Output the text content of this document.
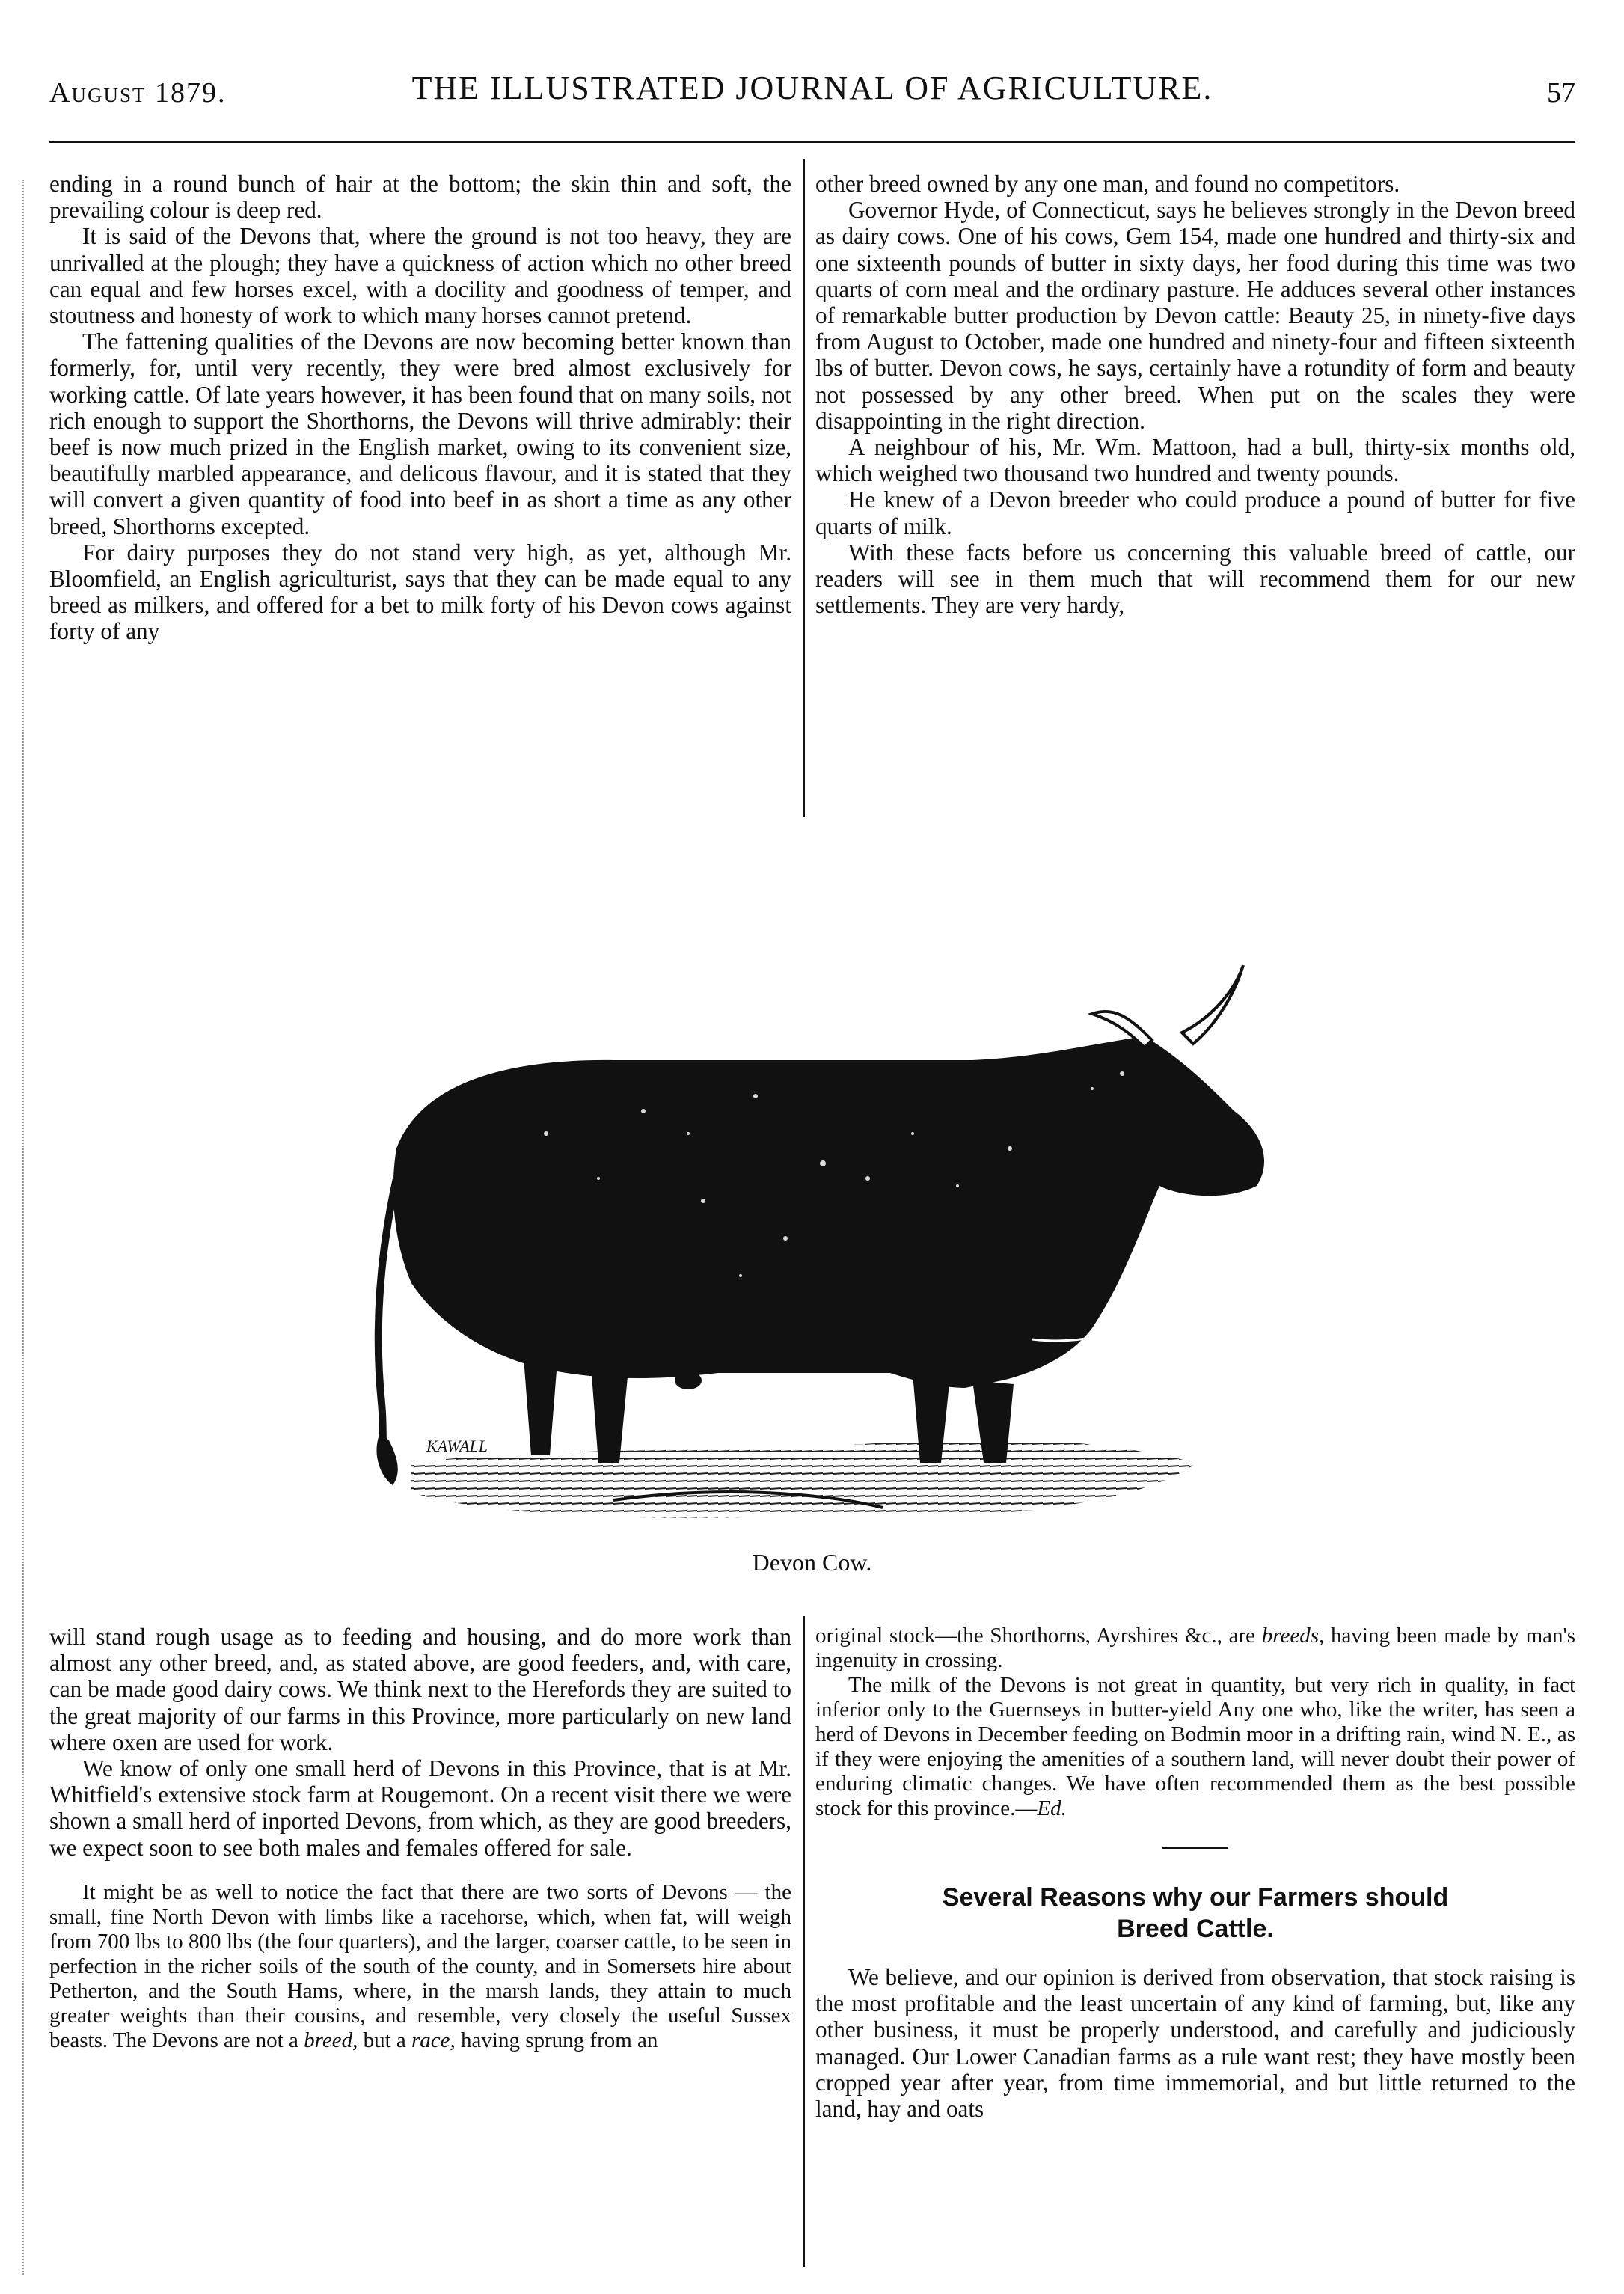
August 1879.	THE ILLUSTRATED JOURNAL OF AGRICULTURE.	57

ending in a round bunch of hair at the bottom; the skin thin and soft, the prevailing colour is deep red.

It is said of the Devons that, where the ground is not too heavy, they are unrivalled at the plough; they have a quickness of action which no other breed can equal and few horses excel, with a docility and goodness of temper, and stoutness and honesty of work to which many horses cannot pretend.

The fattening qualities of the Devons are now becoming better known than formerly, for, until very recently, they were bred almost exclusively for working cattle. Of late years however, it has been found that on many soils, not rich enough to support the Shorthorns, the Devons will thrive admirably: their beef is now much prized in the English market, owing to its convenient size, beautifully marbled appearance, and delicous flavour, and it is stated that they will convert a given quantity of food into beef in as short a time as any other breed, Shorthorns excepted.

For dairy purposes they do not stand very high, as yet, although Mr. Bloomfield, an English agriculturist, says that they can be made equal to any breed as milkers, and offered for a bet to milk forty of his Devon cows against forty of any

other breed owned by any one man, and found no competitors.

Governor Hyde, of Connecticut, says he believes strongly in the Devon breed as dairy cows. One of his cows, Gem 154, made one hundred and thirty-six and one sixteenth pounds of butter in sixty days, her food during this time was two quarts of corn meal and the ordinary pasture. He adduces several other instances of remarkable butter production by Devon cattle: Beauty 25, in ninety-five days from August to October, made one hundred and ninety-four and fifteen sixteenth lbs of butter. Devon cows, he says, certainly have a rotundity of form and beauty not possessed by any other breed. When put on the scales they were disappointing in the right direction.

A neighbour of his, Mr. Wm. Mattoon, had a bull, thirty-six months old, which weighed two thousand two hundred and twenty pounds.

He knew of a Devon breeder who could produce a pound of butter for five quarts of milk.

With these facts before us concerning this valuable breed of cattle, our readers will see in them much that will recommend them for our new settlements. They are very hardy,

KAWALL
Devon Cow.

will stand rough usage as to feeding and housing, and do more work than almost any other breed, and, as stated above, are good feeders, and, with care, can be made good dairy cows. We think next to the Herefords they are suited to the great majority of our farms in this Province, more particularly on new land where oxen are used for work.

We know of only one small herd of Devons in this Province, that is at Mr. Whitfield's extensive stock farm at Rougemont. On a recent visit there we were shown a small herd of inported Devons, from which, as they are good breeders, we expect soon to see both males and females offered for sale.

It might be as well to notice the fact that there are two sorts of Devons — the small, fine North Devon with limbs like a racehorse, which, when fat, will weigh from 700 lbs to 800 lbs (the four quarters), and the larger, coarser cattle, to be seen in perfection in the richer soils of the south of the county, and in Somersets hire about Petherton, and the South Hams, where, in the marsh lands, they attain to much greater weights than their cousins, and resemble, very closely the useful Sussex beasts. The Devons are not a breed, but a race, having sprung from an

original stock—the Shorthorns, Ayrshires &c., are breeds, having been made by man's ingenuity in crossing.

The milk of the Devons is not great in quantity, but very rich in quality, in fact inferior only to the Guernseys in butter-yield Any one who, like the writer, has seen a herd of Devons in December feeding on Bodmin moor in a drifting rain, wind N. E., as if they were enjoying the amenities of a southern land, will never doubt their power of enduring climatic changes. We have often recommended them as the best possible stock for this province.—Ed.

Several Reasons why our Farmers should
Breed Cattle.

We believe, and our opinion is derived from observation, that stock raising is the most profitable and the least uncertain of any kind of farming, but, like any other business, it must be properly understood, and carefully and judiciously managed. Our Lower Canadian farms as a rule want rest; they have mostly been cropped year after year, from time immemorial, and but little returned to the land, hay and oats
